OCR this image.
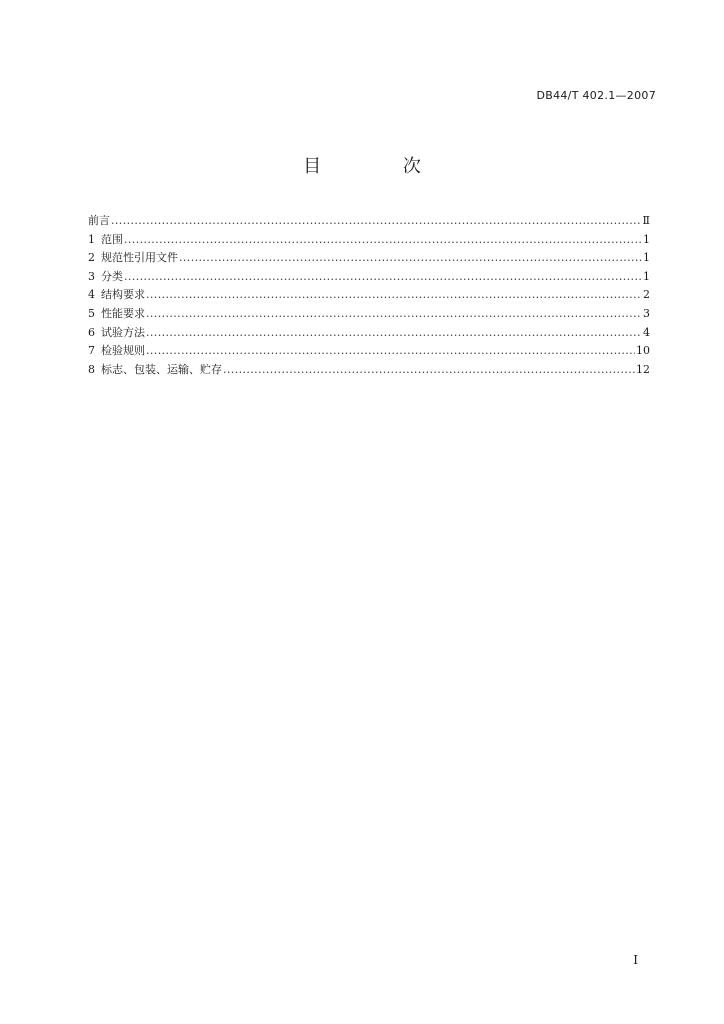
DB44/T 402.1—2007
目 次
前言 .....	Ⅱ
1 范围 .....	1
2 规范性引用文件 .....	1
3 分类 .....	1
4 结构要求 .....	2
5 性能要求 .....	3
6 试验方法 .....	4
7 检验规则 .....	10
8 标志、包装、运输、贮存 .....	12
I
